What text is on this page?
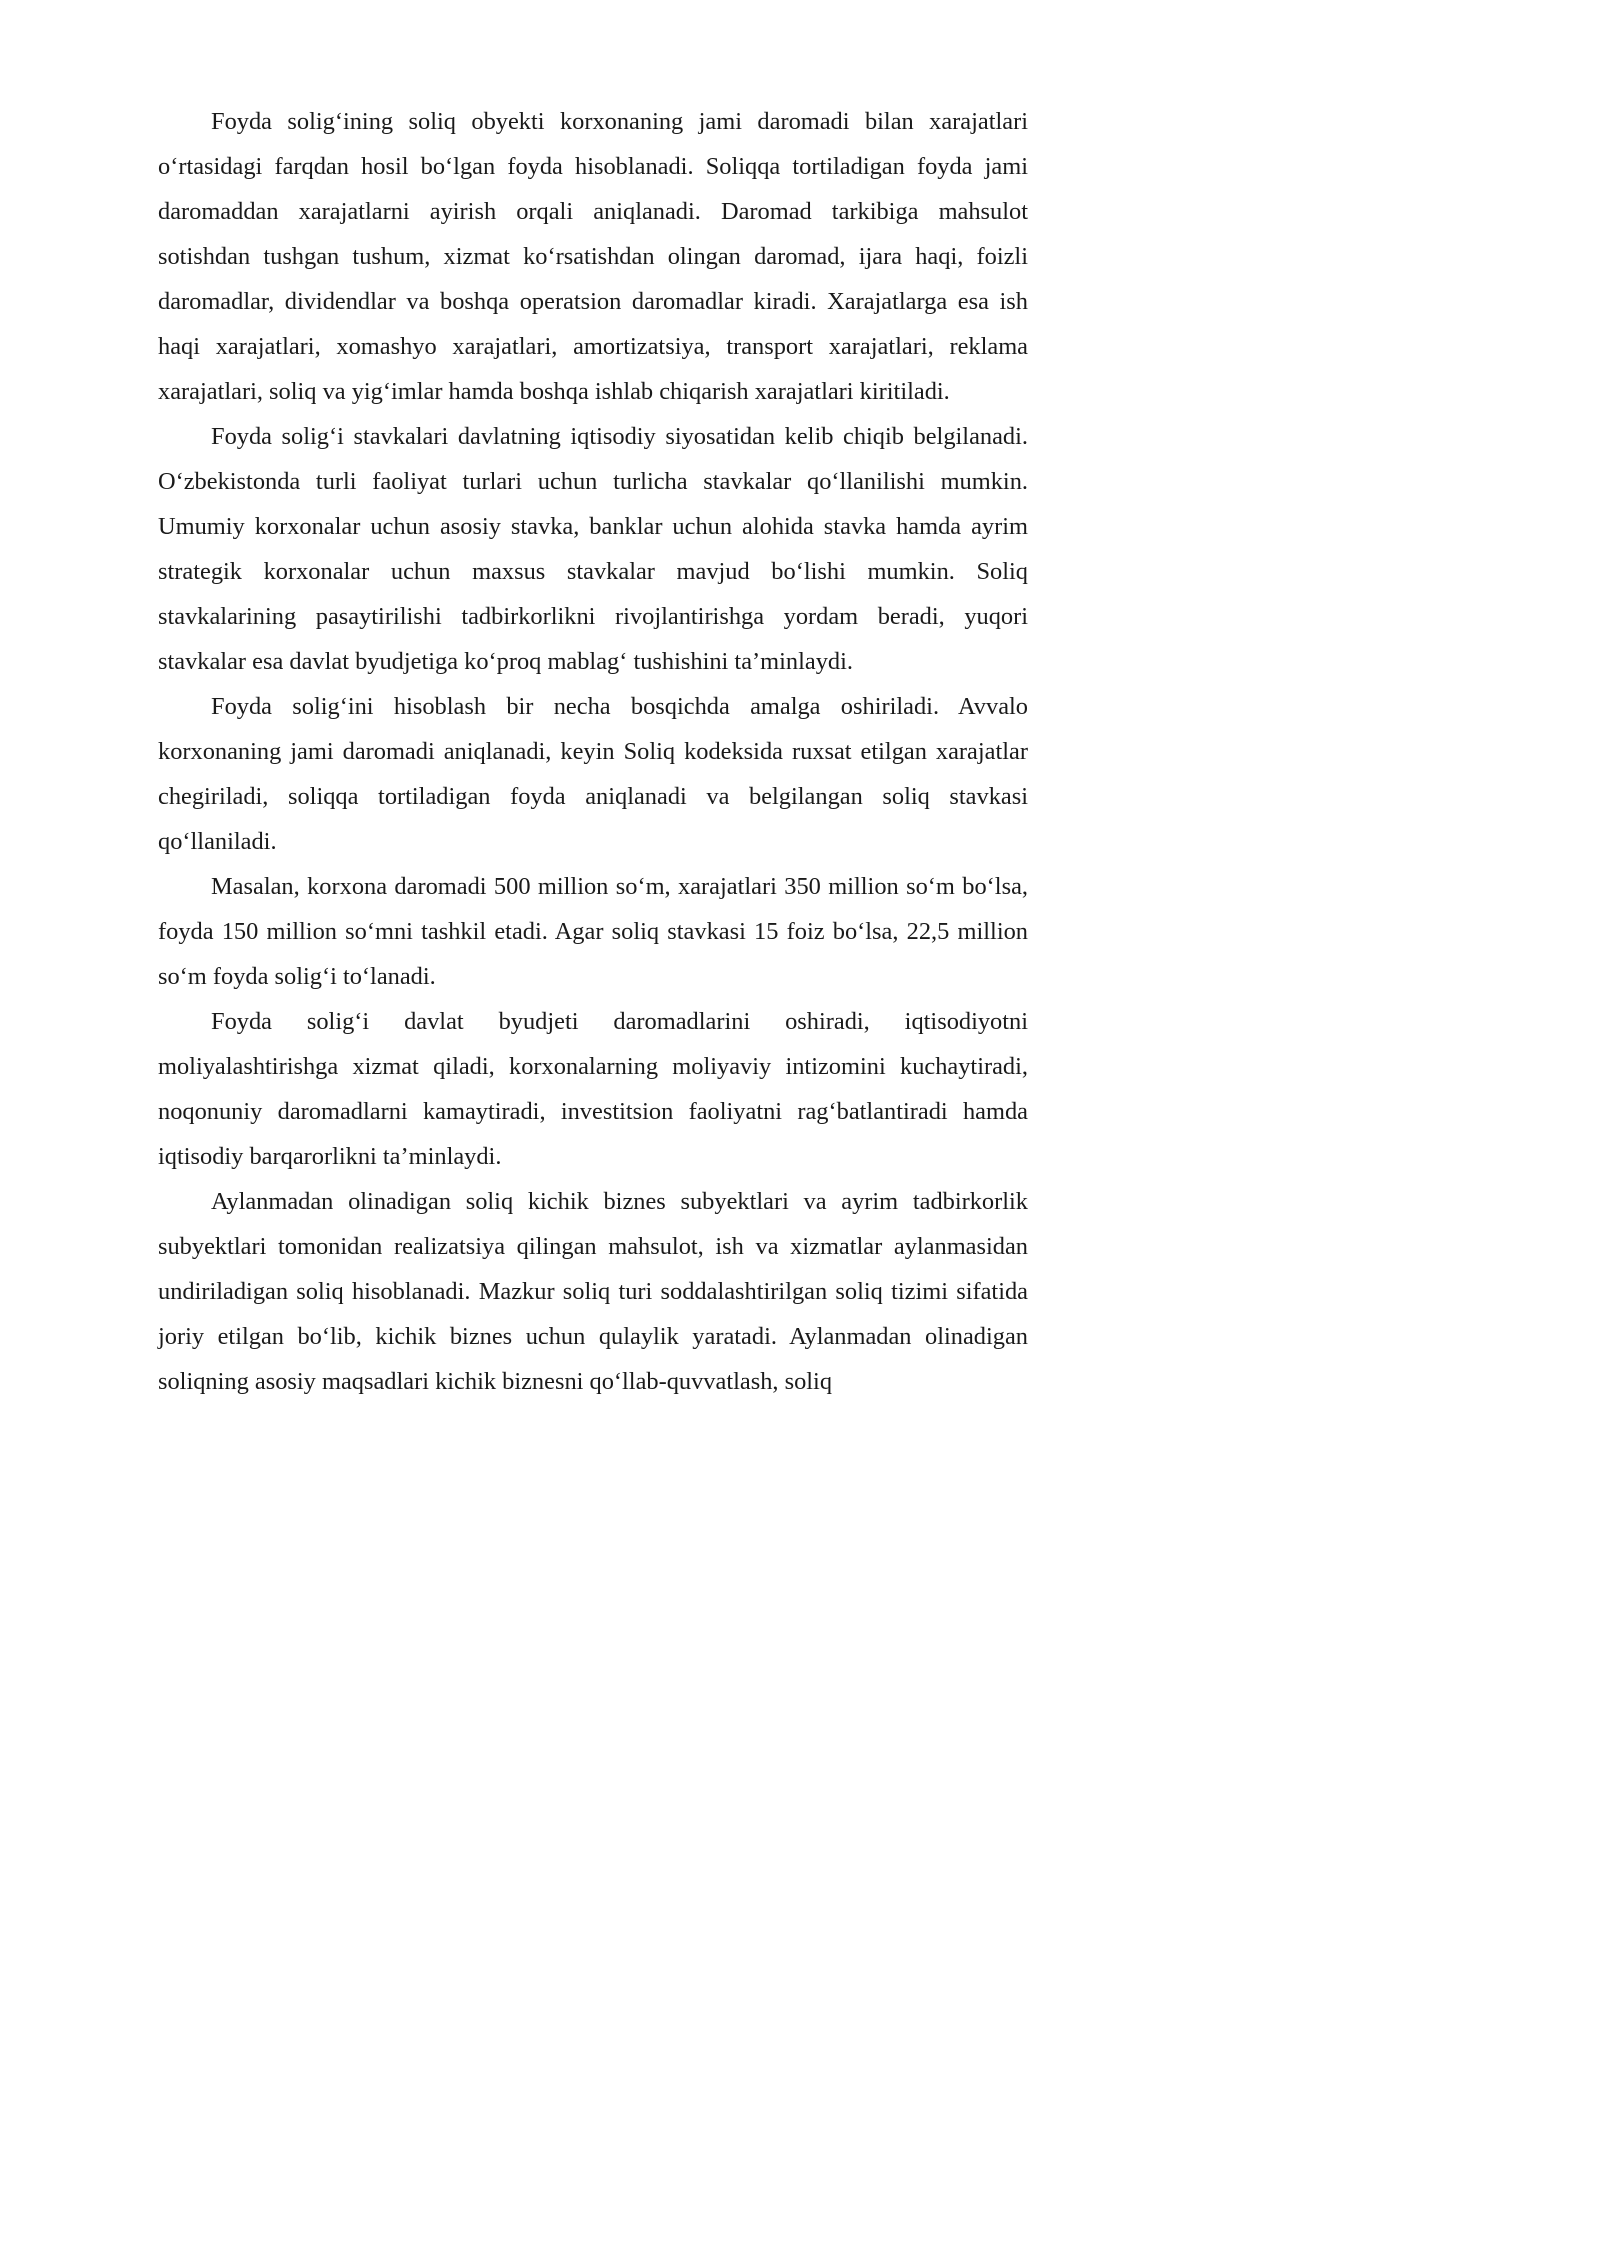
Foyda solig‘ining soliq obyekti korxonaning jami daromadi bilan xarajatlari o‘rtasidagi farqdan hosil bo‘lgan foyda hisoblanadi. Soliqqa tortiladigan foyda jami daromaddan xarajatlarni ayirish orqali aniqlanadi. Daromad tarkibiga mahsulot sotishdan tushgan tushum, xizmat ko‘rsatishdan olingan daromad, ijara haqi, foizli daromadlar, dividendlar va boshqa operatsion daromadlar kiradi. Xarajatlarga esa ish haqi xarajatlari, xomashyo xarajatlari, amortizatsiya, transport xarajatlari, reklama xarajatlari, soliq va yig‘imlar hamda boshqa ishlab chiqarish xarajatlari kiritiladi.

Foyda solig‘i stavkalari davlatning iqtisodiy siyosatidan kelib chiqib belgilanadi. O‘zbekistonda turli faoliyat turlari uchun turlicha stavkalar qo‘llanilishi mumkin. Umumiy korxonalar uchun asosiy stavka, banklar uchun alohida stavka hamda ayrim strategik korxonalar uchun maxsus stavkalar mavjud bo‘lishi mumkin. Soliq stavkalarining pasaytirilishi tadbirkorlikni rivojlantirishga yordam beradi, yuqori stavkalar esa davlat byudjetiga ko‘proq mablag‘ tushishini ta’minlaydi.

Foyda solig‘ini hisoblash bir necha bosqichda amalga oshiriladi. Avvalo korxonaning jami daromadi aniqlanadi, keyin Soliq kodeksida ruxsat etilgan xarajatlar chegiriladi, soliqqa tortiladigan foyda aniqlanadi va belgilangan soliq stavkasi qo‘llaniladi.

Masalan, korxona daromadi 500 million so‘m, xarajatlari 350 million so‘m bo‘lsa, foyda 150 million so‘mni tashkil etadi. Agar soliq stavkasi 15 foiz bo‘lsa, 22,5 million so‘m foyda solig‘i to‘lanadi.

Foyda solig‘i davlat byudjeti daromadlarini oshiradi, iqtisodiyotni moliyalashtirishga xizmat qiladi, korxonalarning moliyaviy intizomini kuchaytiradi, noqonuniy daromadlarni kamaytiradi, investitsion faoliyatni rag‘batlantiradi hamda iqtisodiy barqarorlikni ta’minlaydi.

Aylanmadan olinadigan soliq kichik biznes subyektlari va ayrim tadbirkorlik subyektlari tomonidan realizatsiya qilingan mahsulot, ish va xizmatlar aylanmasidan undiriladigan soliq hisoblanadi. Mazkur soliq turi soddalashtirilgan soliq tizimi sifatida joriy etilgan bo‘lib, kichik biznes uchun qulaylik yaratadi. Aylanmadan olinadigan soliqning asosiy maqsadlari kichik biznesni qo‘llab-quvvatlash, soliq
